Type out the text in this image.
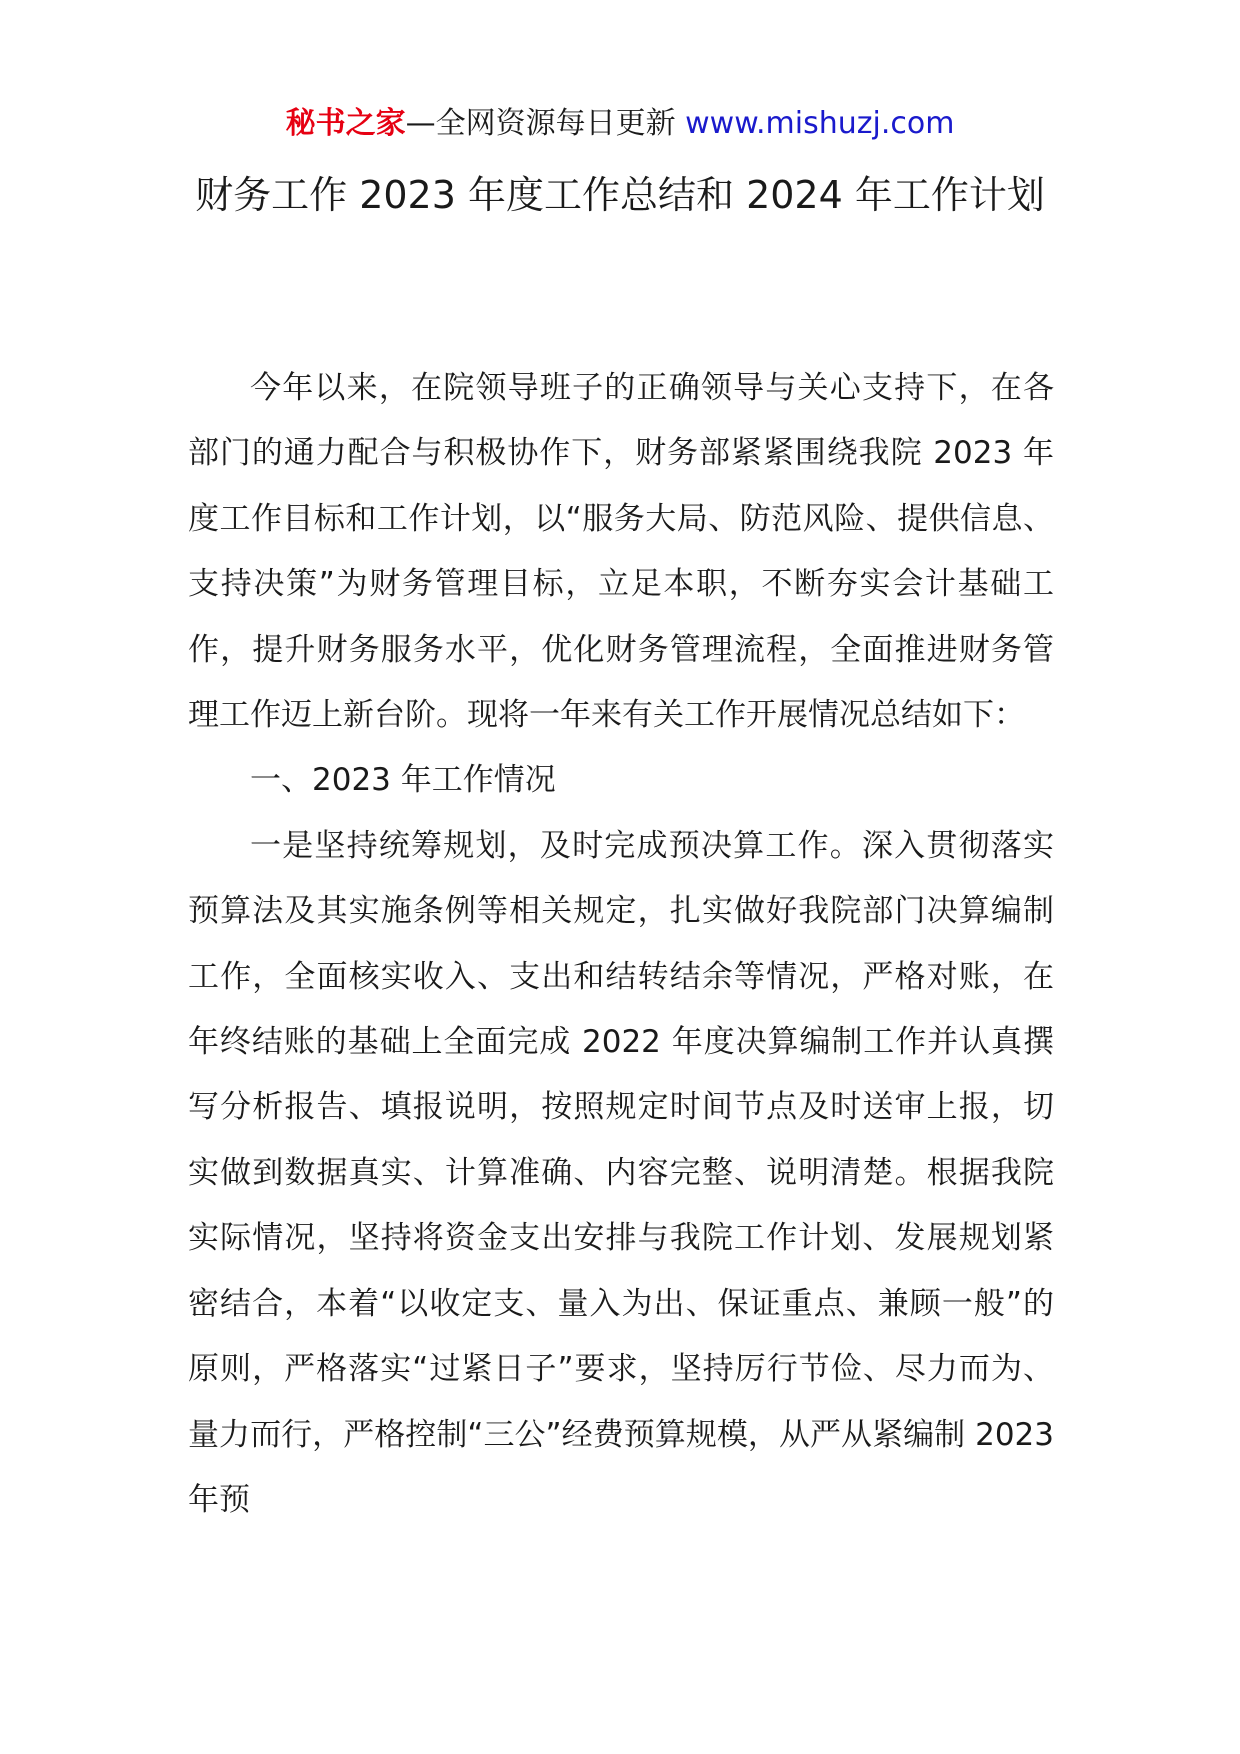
秘书之家—全网资源每日更新 www.mishuzj.com
财务工作 2023 年度工作总结和 2024 年工作计划

今年以来，在院领导班子的正确领导与关心支持下，在各部门的通力配合与积极协作下，财务部紧紧围绕我院 2023 年度工作目标和工作计划，以“服务大局、防范风险、提供信息、支持决策”为财务管理目标，立足本职，不断夯实会计基础工作，提升财务服务水平，优化财务管理流程，全面推进财务管理工作迈上新台阶。现将一年来有关工作开展情况总结如下：

一、2023 年工作情况

一是坚持统筹规划，及时完成预决算工作。深入贯彻落实预算法及其实施条例等相关规定，扎实做好我院部门决算编制工作，全面核实收入、支出和结转结余等情况，严格对账，在年终结账的基础上全面完成 2022 年度决算编制工作并认真撰写分析报告、填报说明，按照规定时间节点及时送审上报，切实做到数据真实、计算准确、内容完整、说明清楚。根据我院实际情况，坚持将资金支出安排与我院工作计划、发展规划紧密结合，本着“以收定支、量入为出、保证重点、兼顾一般”的原则，严格落实“过紧日子”要求，坚持厉行节俭、尽力而为、量力而行，严格控制“三公”经费预算规模，从严从紧编制 2023 年预
